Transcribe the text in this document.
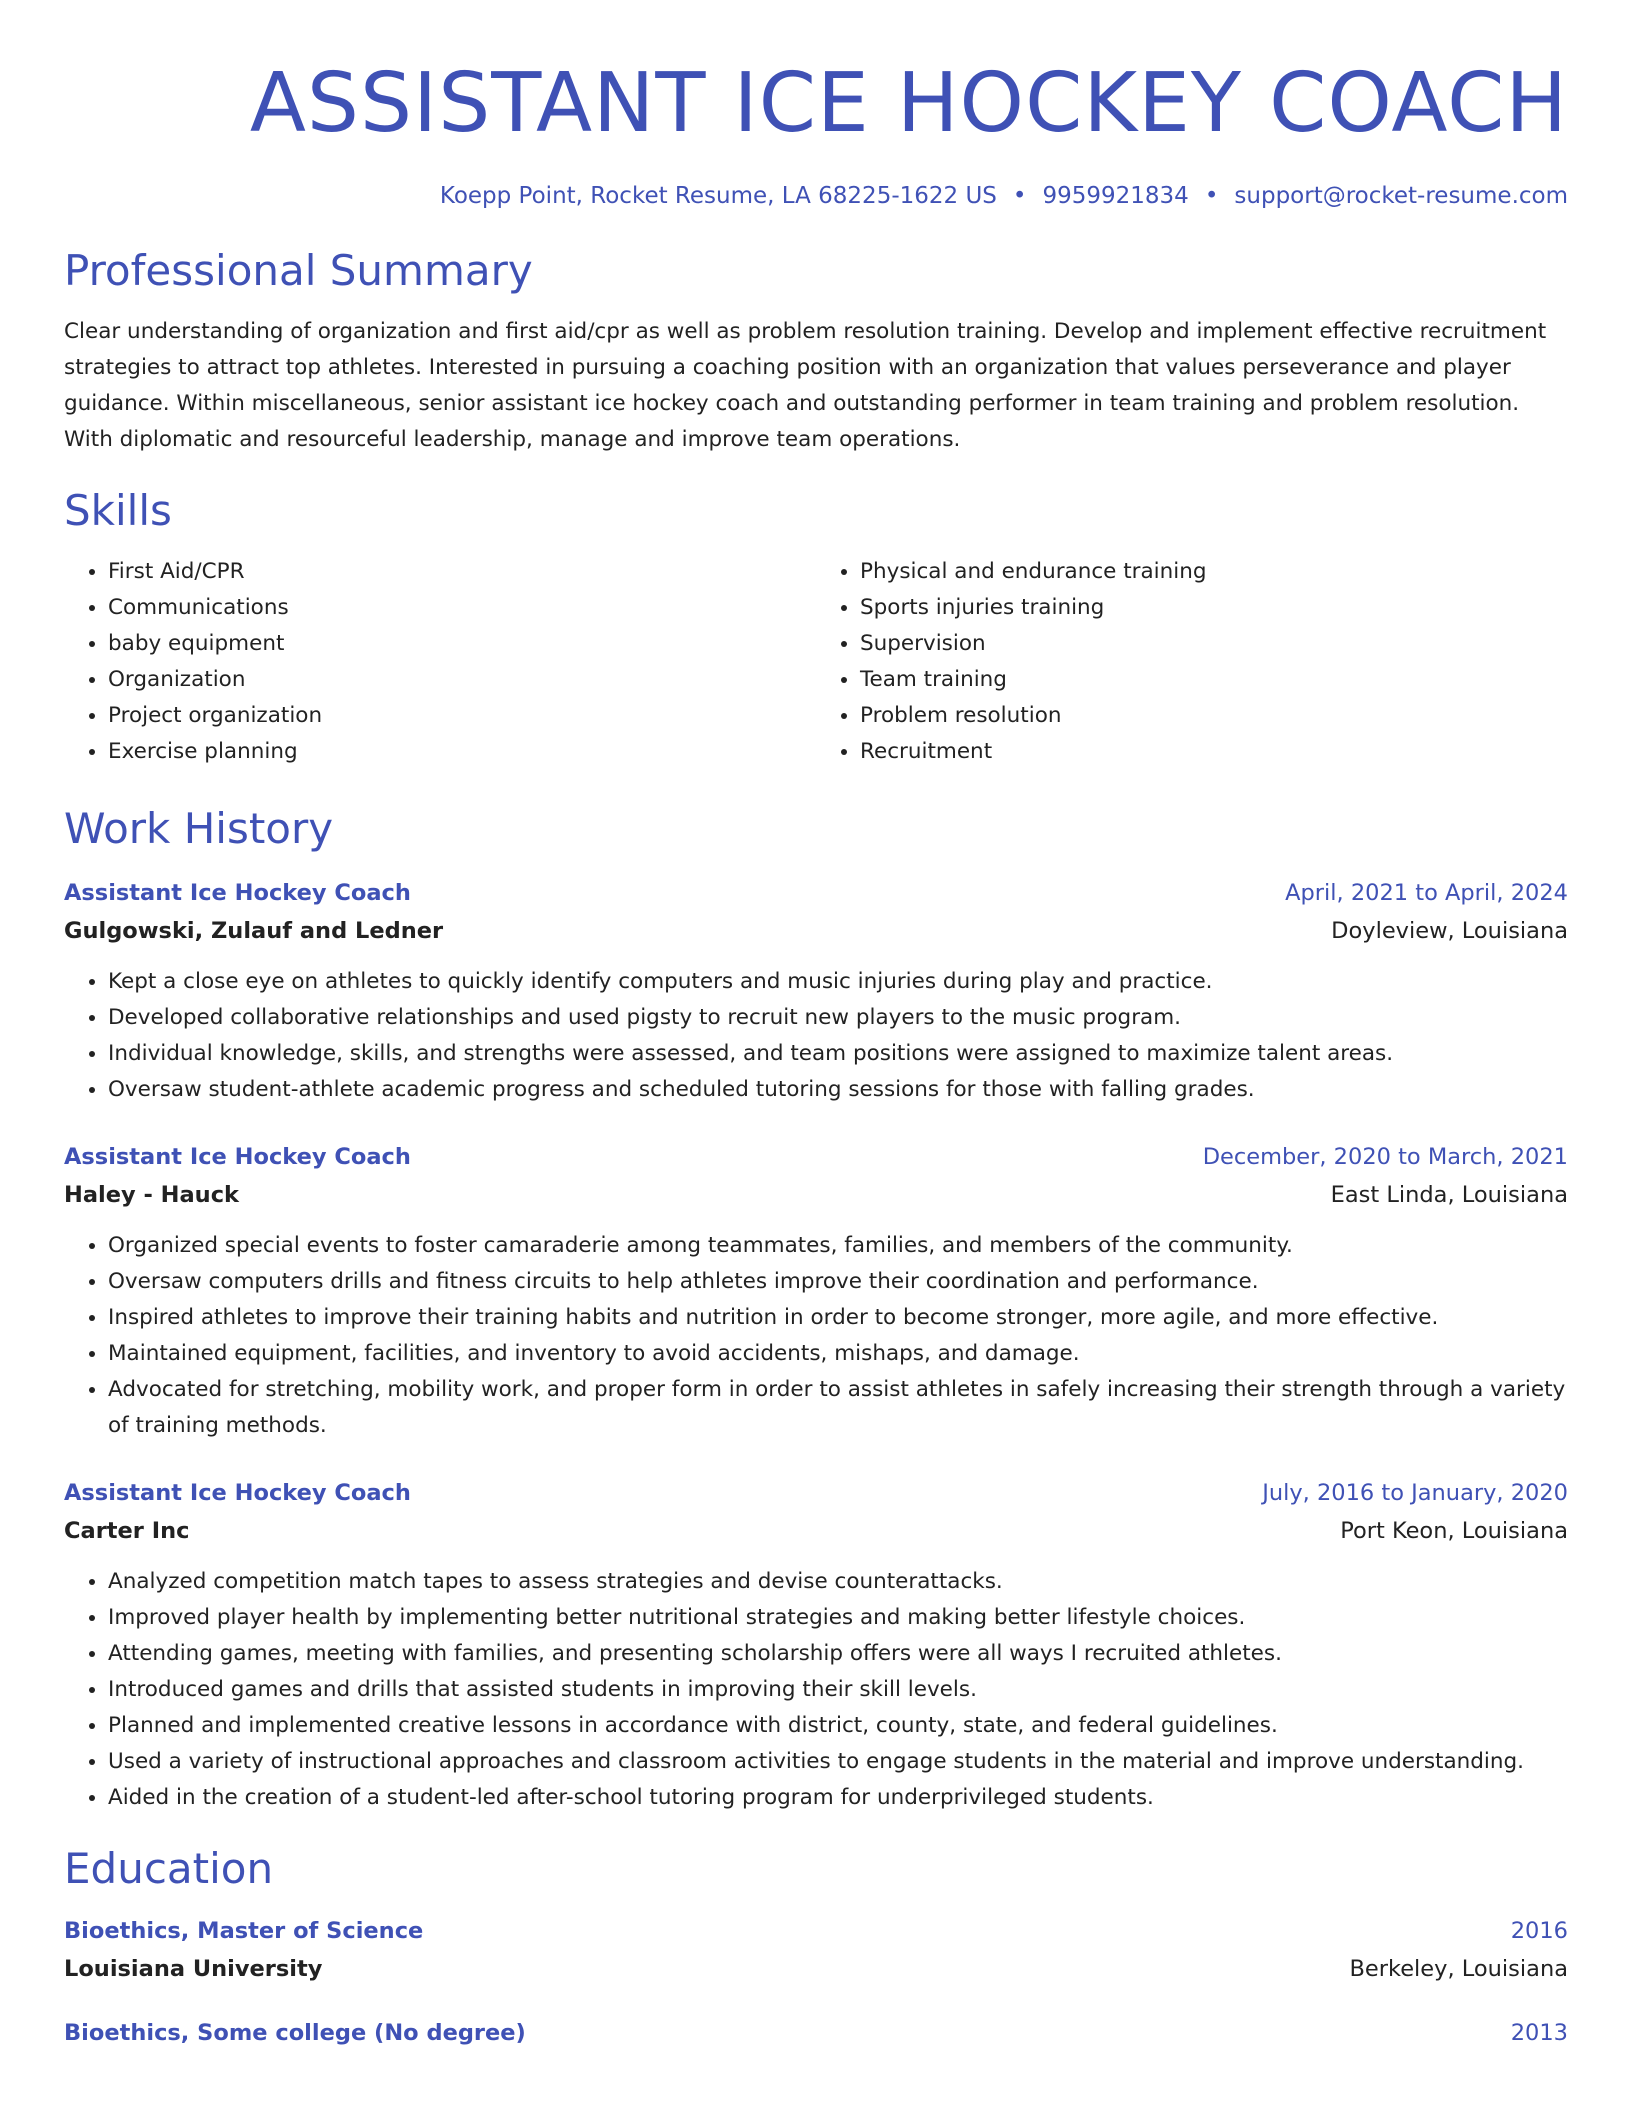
ASSISTANT ICE HOCKEY COACH
Koepp Point, Rocket Resume, LA 68225-1622 US • 9959921834 • support@rocket-resume.com
Professional Summary

Clear understanding of organization and first aid/cpr as well as problem resolution training. Develop and implement effective recruitment strategies to attract top athletes. Interested in pursuing a coaching position with an organization that values perseverance and player guidance. Within miscellaneous, senior assistant ice hockey coach and outstanding performer in team training and problem resolution. With diplomatic and resourceful leadership, manage and improve team operations.

Skills
• First Aid/CPR
• Communications
• baby equipment
• Organization
• Project organization
• Exercise planning
• Physical and endurance training
• Sports injuries training
• Supervision
• Team training
• Problem resolution
• Recruitment
Work History
Assistant Ice Hockey Coach	April, 2021 to April, 2024
Gulgowski, Zulauf and Ledner	Doyleview, Louisiana
• Kept a close eye on athletes to quickly identify computers and music injuries during play and practice.
• Developed collaborative relationships and used pigsty to recruit new players to the music program.
• Individual knowledge, skills, and strengths were assessed, and team positions were assigned to maximize talent areas.
• Oversaw student-athlete academic progress and scheduled tutoring sessions for those with falling grades.
Assistant Ice Hockey Coach	December, 2020 to March, 2021
Haley - Hauck	East Linda, Louisiana
• Organized special events to foster camaraderie among teammates, families, and members of the community.
• Oversaw computers drills and fitness circuits to help athletes improve their coordination and performance.
• Inspired athletes to improve their training habits and nutrition in order to become stronger, more agile, and more effective.
• Maintained equipment, facilities, and inventory to avoid accidents, mishaps, and damage.
• Advocated for stretching, mobility work, and proper form in order to assist athletes in safely increasing their strength through a variety of training methods.
Assistant Ice Hockey Coach	July, 2016 to January, 2020
Carter Inc	Port Keon, Louisiana
• Analyzed competition match tapes to assess strategies and devise counterattacks.
• Improved player health by implementing better nutritional strategies and making better lifestyle choices.
• Attending games, meeting with families, and presenting scholarship offers were all ways I recruited athletes.
• Introduced games and drills that assisted students in improving their skill levels.
• Planned and implemented creative lessons in accordance with district, county, state, and federal guidelines.
• Used a variety of instructional approaches and classroom activities to engage students in the material and improve understanding.
• Aided in the creation of a student-led after-school tutoring program for underprivileged students.
Education
Bioethics, Master of Science	2016
Louisiana University	Berkeley, Louisiana
Bioethics, Some college (No degree)	2013
